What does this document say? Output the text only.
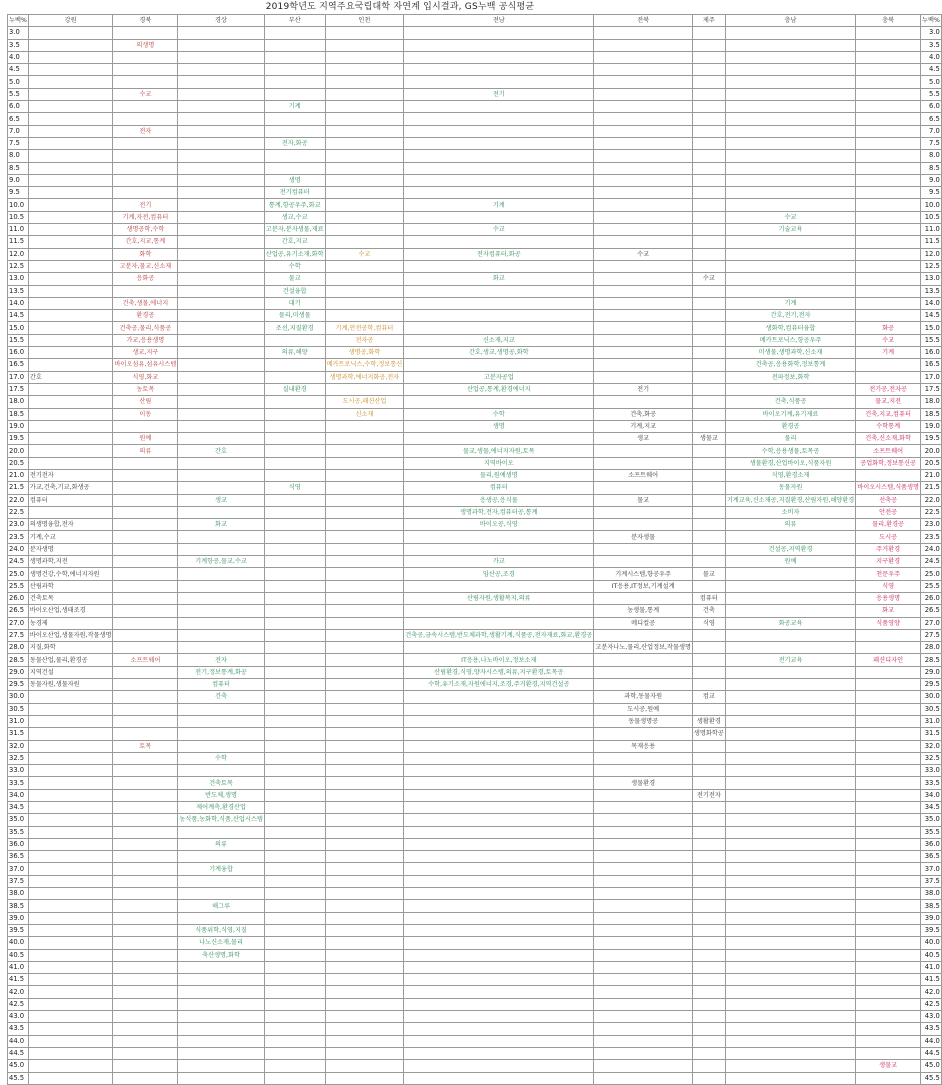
2019학년도 지역주요국립대학 자연계 입시결과, GS누백 공식평균
누백%	강원	경북	경상	부산	인천	전남	전북	제주	충남	충북	누백%
3.0											3.0
3.5		의생명									3.5
4.0											4.0
4.5											4.5
5.0											5.0
5.5		수교				전기					5.5
6.0				기계							6.0
6.5											6.5
7.0		전자									7.0
7.5				전자,화공							7.5
8.0											8.0
8.5											8.5
9.0				생명							9.0
9.5				전기컴퓨터							9.5
10.0		전기		통계,항공우주,화교		기계					10.0
10.5		기계,자전,컴퓨터		생교,수교					수교		10.5
11.0		생명공학,수학		고분자,분자생물,재료		수교			기술교육		11.0
11.5		간호,지교,통계		간호,지교							11.5
12.0		화학		산업공,유기소재,화학	수교	전자컴퓨터,화공	수교				12.0
12.5		고분자,물교,신소재		수학							12.5
13.0		응화공		물교		화교		수교			13.0
13.5				건설융합							13.5
14.0		건축,생물,에너지		대기					기계		14.0
14.5		환경공		물리,미생물					간호,전기,전자		14.5
15.0		건축공,물리,식품공		조선,지질환경	기계,안전공학,컴퓨터				생화학,컴퓨터융합	화공	15.0
15.5		가교,응용생명			전자공	신소재,지교			메카트로닉스,항공우주	수교	15.5
16.0		생교,지구		의류,해양	생명공,화학	간호,생교,생명공,화학			미생물,생명과학,신소재	기계	16.0
16.5		바이오섬유,섬유시스템			메카트로닉스,수학,정보통신				건축공,응용화학,정보통계		16.5
17.0	간호	식영,화교			생명과학,에너지화공,전자	고분자공업			전파정보,화학		17.0
17.5		농토목		실내환경		산업공,통계,환경에너지	전기			전기공,전자공	17.5
18.0		산림			도시공,패션산업				건축,식품공	물교,지전	18.0
18.5		이동			신소재	수학	건축,화공		바이오기계,유기재료	건축,지교,컴퓨터	18.5
19.0						생명	기계,지교		환경공	수학통계	19.0
19.5		원예					생교	생물교	물리	건축,신소재,화학	19.5
20.0		의류	간호			물교,생물,에너지자원,토목			수학,응용생물,토목공	소프트웨어	20.0
20.5						지역바이오			생물환경,산업바이오,식품자원	공업화학,정보통신공	20.5
21.0	전기전자					물리,원예생명	소프트웨어		식영,환경소재		21.0
21.5	가교,건축,기교,화생공			식영		컴퓨터			동물자원	바이오시스템,식품생명	21.5
22.0	컴퓨터		생교			응생공,응식물	물교		기계교육,신소재공,지질환경,산림자원,해양환경	선축공	22.0
22.5						생명과학,전자,컴퓨터공,통계			소비자	안전공	22.5
23.0	의생명융합,전자		화교			바이오공,식영			의류	물리,환경공	23.0
23.5	기계,수교						분자생물			도시공	23.5
24.0	분자생명								건설공,지역환경	주거환경	24.0
24.5	생명과학,지전		기계항공,물교,수교			가교			원예	지구환경	24.5
25.0	생명건강,수학,에너지자원					임산공,조경	기계시스템,항공우주	물교		천문우주	25.0
25.5	산림과학						IT응용,IT정보,기계설계			식영	25.5
26.0	건축토목					산림자원,생활복지,의류		컴퓨터		응용생명	26.0
26.5	바이오산업,생태조경						농생물,통계	건축		화교	26.5
27.0	농경제						메디컬공	식영	화공교육	식품영양	27.0
27.5	바이오산업,생물자원,작물생명					건축공,금속시스템,반도체과학,생활기계,식품공,전자재료,화교,환경공					27.5
28.0	지질,화학						고분자나노,물리,산업정보,작물생명				28.0
28.5	동물산업,물리,환경공	소프트웨어	전자			IT응용,나노바이오,정보소재			전기교육	패션디자인	28.5
29.0	지역건설		전기,정보통계,화공			산림환경,식영,양자시스템,의류,지구환경,토목공					29.0
29.5	동물자원,생물자원		컴퓨터			수학,유기소재,자원에너지,조경,주거환경,지역건설공					29.5
30.0			건축				과학,동물자원	컴교			30.0
30.5							도시공,원예				30.5
31.0							동물생명공	생활환경			31.0
31.5								생명화학공			31.5
32.0		토목					목재응용				32.0
32.5			수학								32.5
33.0											33.0
33.5			건축토목				생물환경				33.5
34.0			반도체,생명					전기전자			34.0
34.5			제어계측,환경산업								34.5
35.0			농식품,농화학,식품,산업시스템								35.0
35.5											35.5
36.0			의류								36.0
36.5											36.5
37.0			기계융합								37.0
37.5											37.5
38.0											38.0
38.5			해그루								38.5
39.0											39.0
39.5			식품위학,식영,지질								39.5
40.0			나노신소재,물리								40.0
40.5			축산생명,화학								40.5
41.0											41.0
41.5											41.5
42.0											42.0
42.5											42.5
43.0											43.0
43.5											43.5
44.0											44.0
44.5											44.5
45.0										생물교	45.0
45.5											45.5
